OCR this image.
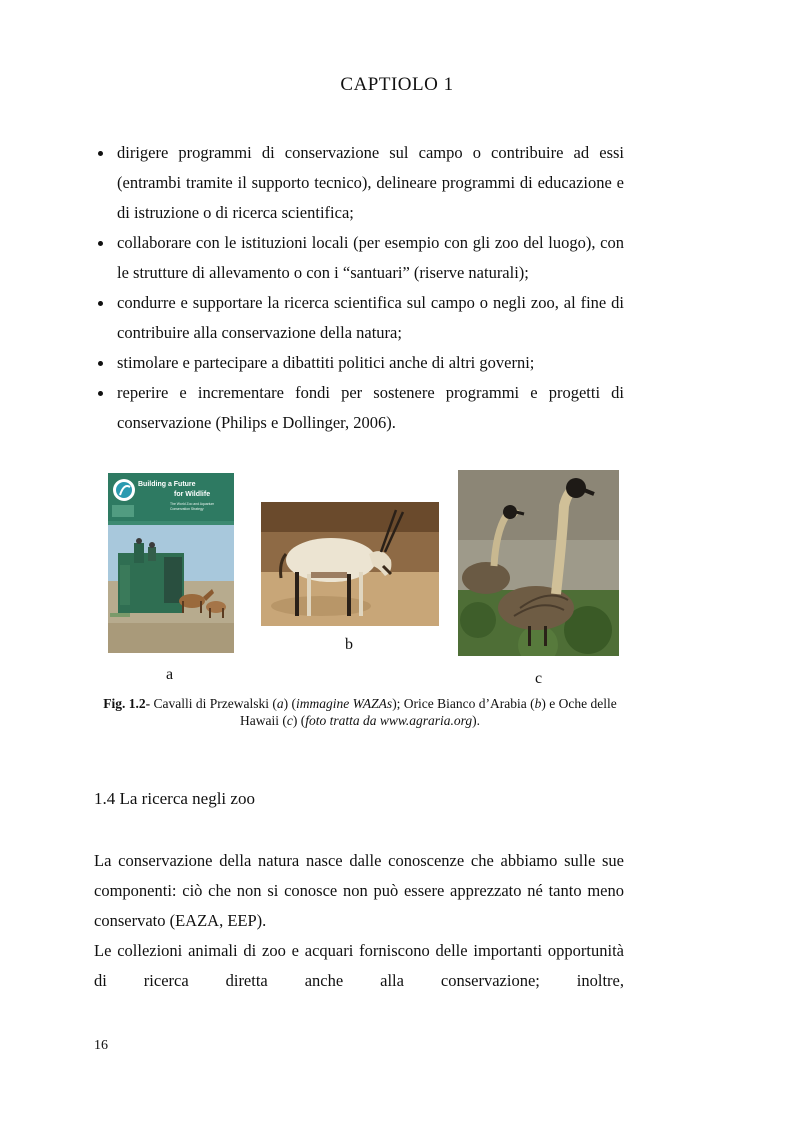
CAPTIOLO 1
dirigere programmi di conservazione sul campo o contribuire ad essi (entrambi tramite il supporto tecnico), delineare programmi di educazione e di istruzione o di ricerca scientifica;
collaborare con le istituzioni locali (per esempio con gli zoo del luogo), con le strutture di allevamento o con i “santuari” (riserve naturali);
condurre e supportare la ricerca scientifica sul campo o negli zoo, al fine di contribuire alla conservazione della natura;
stimolare e partecipare a dibattiti politici anche di altri governi;
reperire e incrementare fondi per sostenere programmi e progetti di conservazione (Philips e Dollinger, 2006).
Building a Future
for Wildlife
The World Zoo and Aquarium Conservation Strategy
a
b
c
Fig. 1.2- Cavalli di Przewalski (a) (immagine WAZAs); Orice Bianco d’Arabia (b) e Oche delle Hawaii (c) (foto tratta da www.agraria.org).
1.4 La ricerca negli zoo

La conservazione della natura nasce dalle conoscenze che abbiamo sulle sue componenti: ciò che non si conosce non può essere apprezzato né tanto meno conservato (EAZA, EEP).

Le collezioni animali di zoo e acquari forniscono delle importanti opportunità di ricerca diretta anche alla conservazione; inoltre,

16
